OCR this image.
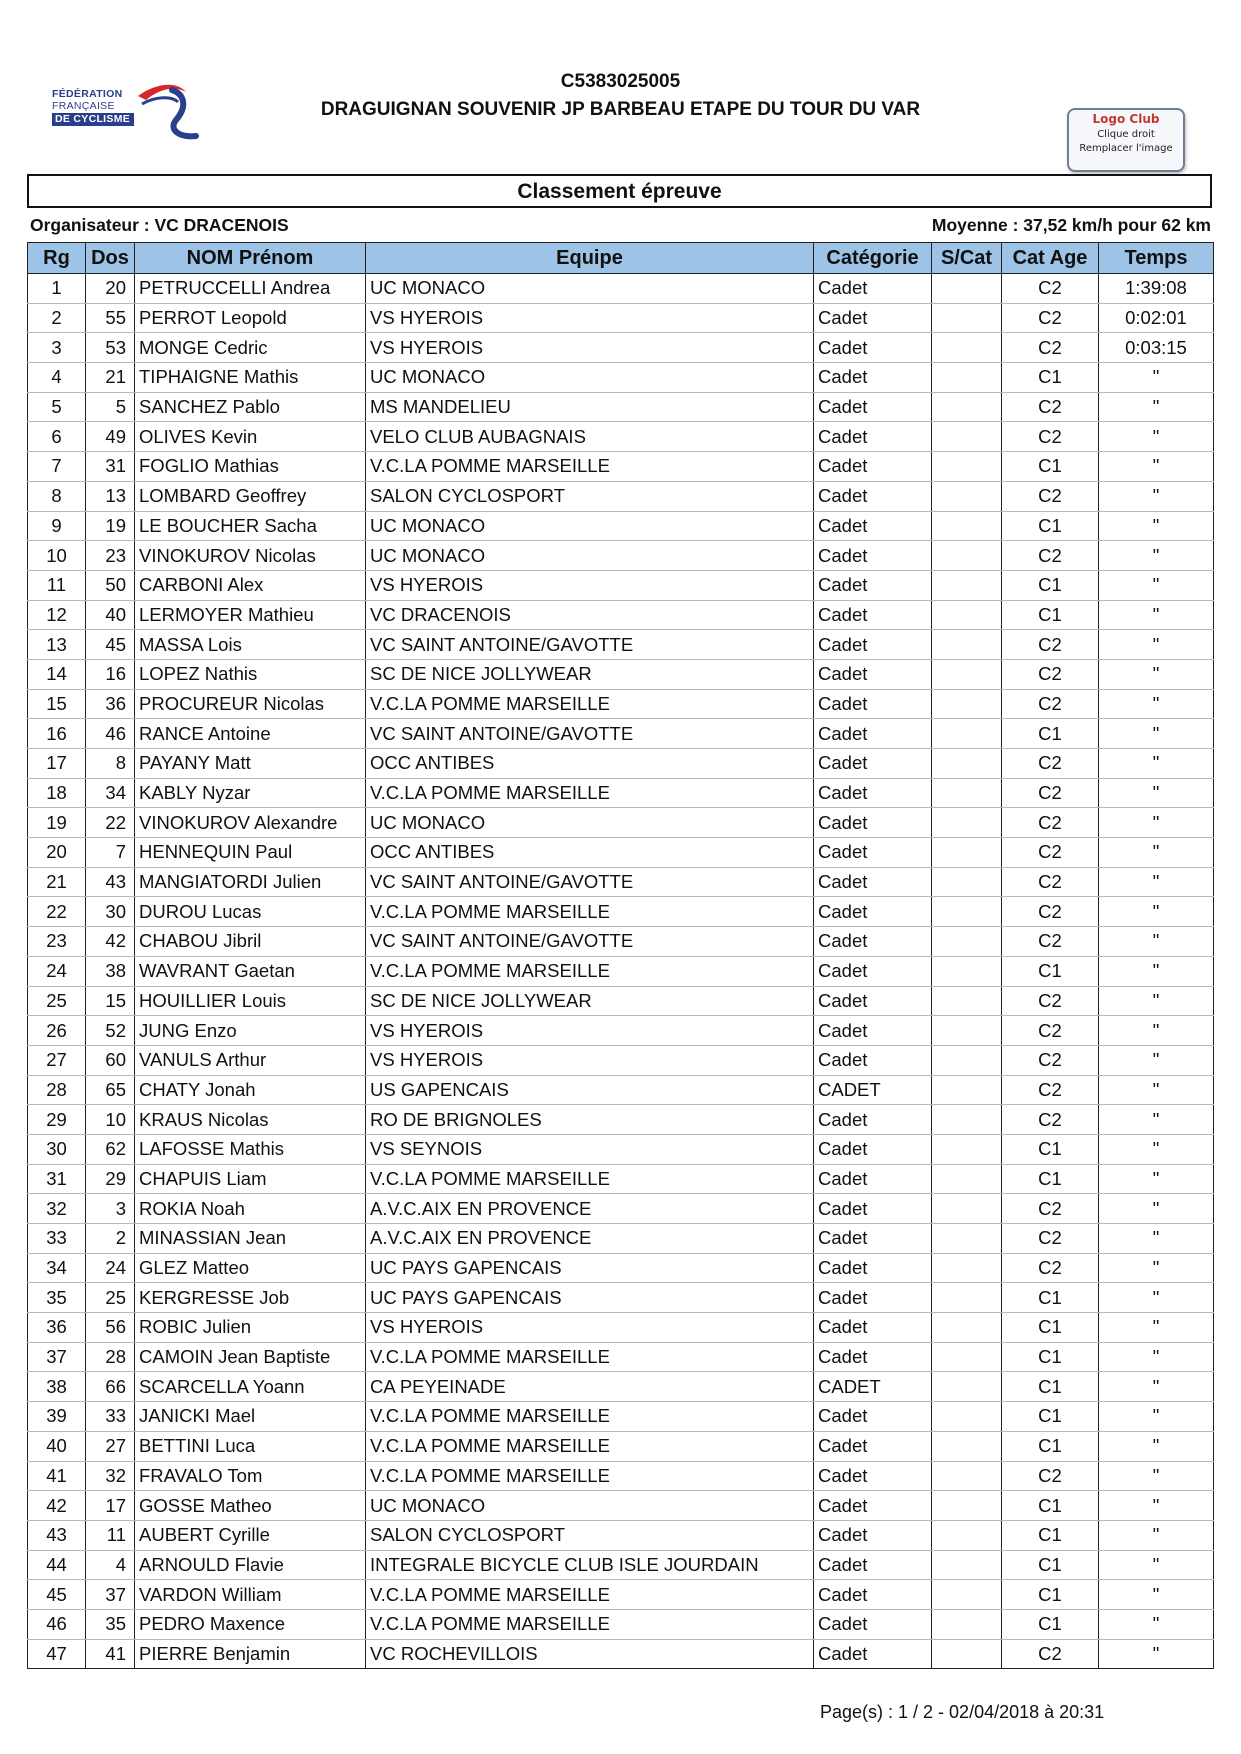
FÉDÉRATION
FRANÇAISE
DE CYCLISME
C5383025005
DRAGUIGNAN SOUVENIR JP BARBEAU ETAPE DU TOUR DU VAR	Logo Club
Clique droit
Remplacer l'image
Classement épreuve
Organisateur : VC DRACENOIS	Moyenne : 37,52 km/h pour 62 km
Rg	Dos	NOM Prénom	Equipe	Catégorie	S/Cat	Cat Age	Temps
1	20	PETRUCCELLI Andrea	UC MONACO	Cadet		C2	1:39:08
2	55	PERROT Leopold	VS HYEROIS	Cadet		C2	0:02:01
3	53	MONGE Cedric	VS HYEROIS	Cadet		C2	0:03:15
4	21	TIPHAIGNE Mathis	UC MONACO	Cadet		C1	"
5	5	SANCHEZ Pablo	MS MANDELIEU	Cadet		C2	"
6	49	OLIVES Kevin	VELO CLUB AUBAGNAIS	Cadet		C2	"
7	31	FOGLIO Mathias	V.C.LA POMME MARSEILLE	Cadet		C1	"
8	13	LOMBARD Geoffrey	SALON CYCLOSPORT	Cadet		C2	"
9	19	LE BOUCHER Sacha	UC MONACO	Cadet		C1	"
10	23	VINOKUROV Nicolas	UC MONACO	Cadet		C2	"
11	50	CARBONI Alex	VS HYEROIS	Cadet		C1	"
12	40	LERMOYER Mathieu	VC DRACENOIS	Cadet		C1	"
13	45	MASSA Lois	VC SAINT ANTOINE/GAVOTTE	Cadet		C2	"
14	16	LOPEZ Nathis	SC DE NICE JOLLYWEAR	Cadet		C2	"
15	36	PROCUREUR Nicolas	V.C.LA POMME MARSEILLE	Cadet		C2	"
16	46	RANCE Antoine	VC SAINT ANTOINE/GAVOTTE	Cadet		C1	"
17	8	PAYANY Matt	OCC ANTIBES	Cadet		C2	"
18	34	KABLY Nyzar	V.C.LA POMME MARSEILLE	Cadet		C2	"
19	22	VINOKUROV Alexandre	UC MONACO	Cadet		C2	"
20	7	HENNEQUIN Paul	OCC ANTIBES	Cadet		C2	"
21	43	MANGIATORDI Julien	VC SAINT ANTOINE/GAVOTTE	Cadet		C2	"
22	30	DUROU Lucas	V.C.LA POMME MARSEILLE	Cadet		C2	"
23	42	CHABOU Jibril	VC SAINT ANTOINE/GAVOTTE	Cadet		C2	"
24	38	WAVRANT Gaetan	V.C.LA POMME MARSEILLE	Cadet		C1	"
25	15	HOUILLIER Louis	SC DE NICE JOLLYWEAR	Cadet		C2	"
26	52	JUNG Enzo	VS HYEROIS	Cadet		C2	"
27	60	VANULS Arthur	VS HYEROIS	Cadet		C2	"
28	65	CHATY Jonah	US GAPENCAIS	CADET		C2	"
29	10	KRAUS Nicolas	RO DE BRIGNOLES	Cadet		C2	"
30	62	LAFOSSE Mathis	VS SEYNOIS	Cadet		C1	"
31	29	CHAPUIS Liam	V.C.LA POMME MARSEILLE	Cadet		C1	"
32	3	ROKIA Noah	A.V.C.AIX EN PROVENCE	Cadet		C2	"
33	2	MINASSIAN Jean	A.V.C.AIX EN PROVENCE	Cadet		C2	"
34	24	GLEZ Matteo	UC PAYS GAPENCAIS	Cadet		C2	"
35	25	KERGRESSE Job	UC PAYS GAPENCAIS	Cadet		C1	"
36	56	ROBIC Julien	VS HYEROIS	Cadet		C1	"
37	28	CAMOIN Jean Baptiste	V.C.LA POMME MARSEILLE	Cadet		C1	"
38	66	SCARCELLA Yoann	CA PEYEINADE	CADET		C1	"
39	33	JANICKI Mael	V.C.LA POMME MARSEILLE	Cadet		C1	"
40	27	BETTINI Luca	V.C.LA POMME MARSEILLE	Cadet		C1	"
41	32	FRAVALO Tom	V.C.LA POMME MARSEILLE	Cadet		C2	"
42	17	GOSSE Matheo	UC MONACO	Cadet		C1	"
43	11	AUBERT Cyrille	SALON CYCLOSPORT	Cadet		C1	"
44	4	ARNOULD Flavie	INTEGRALE BICYCLE CLUB ISLE JOURDAIN	Cadet		C1	"
45	37	VARDON William	V.C.LA POMME MARSEILLE	Cadet		C1	"
46	35	PEDRO Maxence	V.C.LA POMME MARSEILLE	Cadet		C1	"
47	41	PIERRE Benjamin	VC ROCHEVILLOIS	Cadet		C2	"
Page(s) : 1 / 2 - 02/04/2018 à 20:31
